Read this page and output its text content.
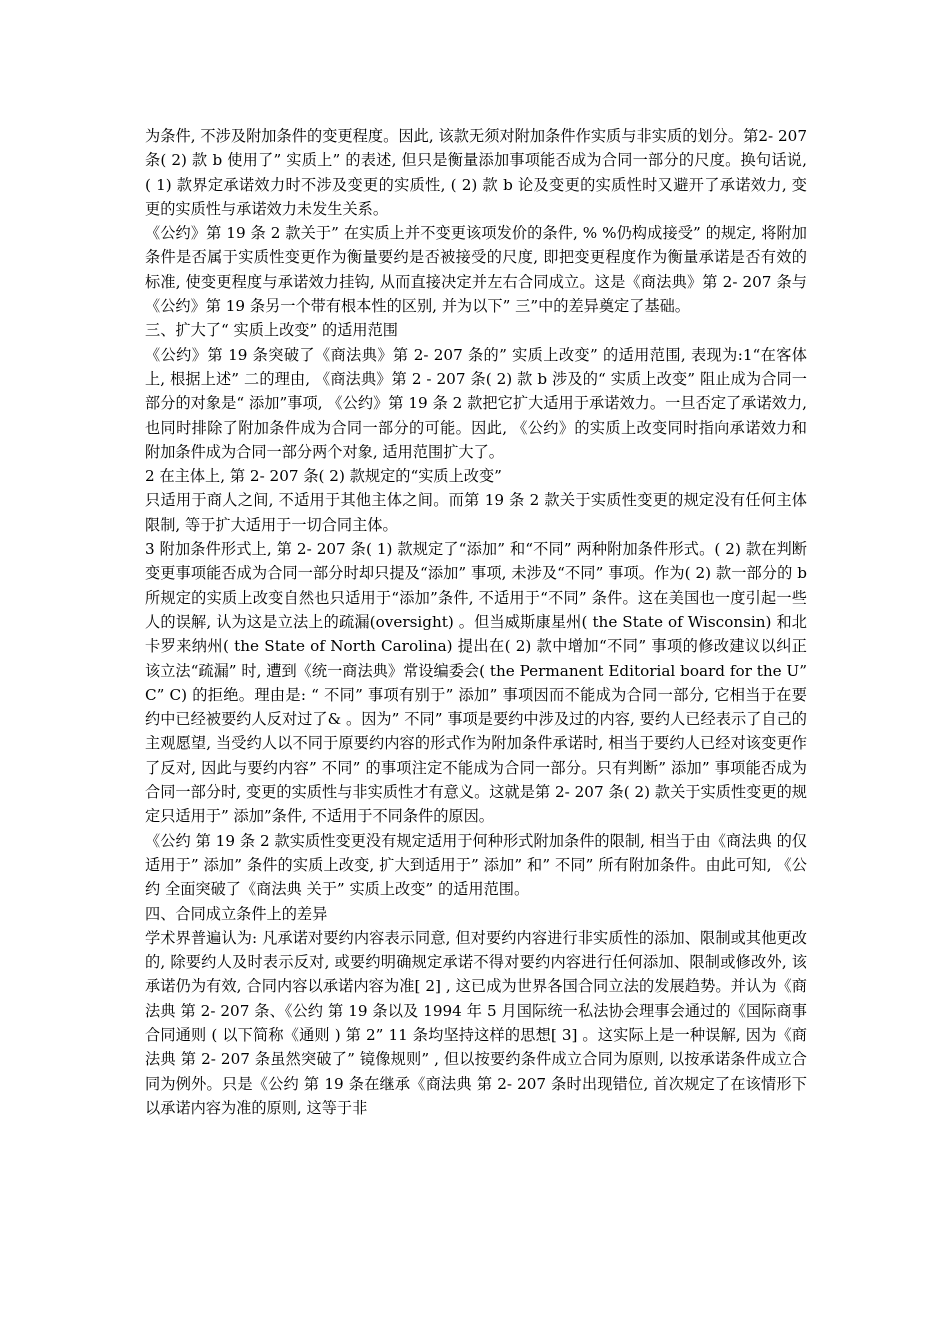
为条件, 不涉及附加条件的变更程度。因此, 该款无须对附加条件作实质与非实质的划分。第2- 207 条( 2) 款 b 使用了” 实质上” 的表述, 但只是衡量添加事项能否成为合同一部分的尺度。换句话说, ( 1) 款界定承诺效力时不涉及变更的实质性, ( 2) 款 b 论及变更的实质性时又避开了承诺效力, 变更的实质性与承诺效力未发生关系。

《公约》第 19 条 2 款关于” 在实质上并不变更该项发价的条件, % %仍构成接受” 的规定, 将附加条件是否属于实质性变更作为衡量要约是否被接受的尺度, 即把变更程度作为衡量承诺是否有效的标准, 使变更程度与承诺效力挂钩, 从而直接决定并左右合同成立。这是《商法典》第 2- 207 条与《公约》第 19 条另一个带有根本性的区别, 并为以下” 三”中的差异奠定了基础。

三、扩大了“ 实质上改变” 的适用范围

《公约》第 19 条突破了《商法典》第 2- 207 条的” 实质上改变” 的适用范围, 表现为:1“在客体上, 根据上述” 二的理由, 《商法典》第 2 - 207 条( 2) 款 b 涉及的“ 实质上改变” 阻止成为合同一部分的对象是“ 添加”事项, 《公约》第 19 条 2 款把它扩大适用于承诺效力。一旦否定了承诺效力, 也同时排除了附加条件成为合同一部分的可能。因此, 《公约》的实质上改变同时指向承诺效力和附加条件成为合同一部分两个对象, 适用范围扩大了。

2 在主体上, 第 2- 207 条( 2) 款规定的“实质上改变”

只适用于商人之间, 不适用于其他主体之间。而第 19 条 2 款关于实质性变更的规定没有任何主体限制, 等于扩大适用于一切合同主体。

3 附加条件形式上, 第 2- 207 条( 1) 款规定了“添加” 和“不同” 两种附加条件形式。( 2) 款在判断变更事项能否成为合同一部分时却只提及“添加” 事项, 未涉及“不同” 事项。作为( 2) 款一部分的 b 所规定的实质上改变自然也只适用于“添加”条件, 不适用于“不同” 条件。这在美国也一度引起一些人的误解, 认为这是立法上的疏漏(oversight) 。但当威斯康星州( the State of Wisconsin) 和北卡罗来纳州( the State of North Carolina) 提出在( 2) 款中增加“不同” 事项的修改建议以纠正该立法“疏漏” 时, 遭到《统一商法典》常设编委会( the Permanent Editorial board for the U” C” C) 的拒绝。理由是: “ 不同” 事项有别于” 添加” 事项因而不能成为合同一部分, 它相当于在要约中已经被要约人反对过了& 。因为” 不同” 事项是要约中涉及过的内容, 要约人已经表示了自己的主观愿望, 当受约人以不同于原要约内容的形式作为附加条件承诺时, 相当于要约人已经对该变更作了反对, 因此与要约内容” 不同” 的事项注定不能成为合同一部分。只有判断” 添加” 事项能否成为合同一部分时, 变更的实质性与非实质性才有意义。这就是第 2- 207 条( 2) 款关于实质性变更的规定只适用于” 添加”条件, 不适用于不同条件的原因。

《公约 第 19 条 2 款实质性变更没有规定适用于何种形式附加条件的限制, 相当于由《商法典 的仅适用于” 添加” 条件的实质上改变, 扩大到适用于” 添加” 和” 不同” 所有附加条件。由此可知, 《公约 全面突破了《商法典 关于” 实质上改变” 的适用范围。

四、合同成立条件上的差异

学术界普遍认为: 凡承诺对要约内容表示同意, 但对要约内容进行非实质性的添加、限制或其他更改的, 除要约人及时表示反对, 或要约明确规定承诺不得对要约内容进行任何添加、限制或修改外, 该承诺仍为有效, 合同内容以承诺内容为准[ 2] , 这已成为世界各国合同立法的发展趋势。并认为《商法典 第 2- 207 条、《公约 第 19 条以及 1994 年 5 月国际统一私法协会理事会通过的《国际商事合同通则 ( 以下简称《通则 ) 第 2” 11 条均坚持这样的思想[ 3] 。这实际上是一种误解, 因为《商法典 第 2- 207 条虽然突破了” 镜像规则” , 但以按要约条件成立合同为原则, 以按承诺条件成立合同为例外。只是《公约 第 19 条在继承《商法典 第 2- 207 条时出现错位, 首次规定了在该情形下以承诺内容为准的原则, 这等于非
